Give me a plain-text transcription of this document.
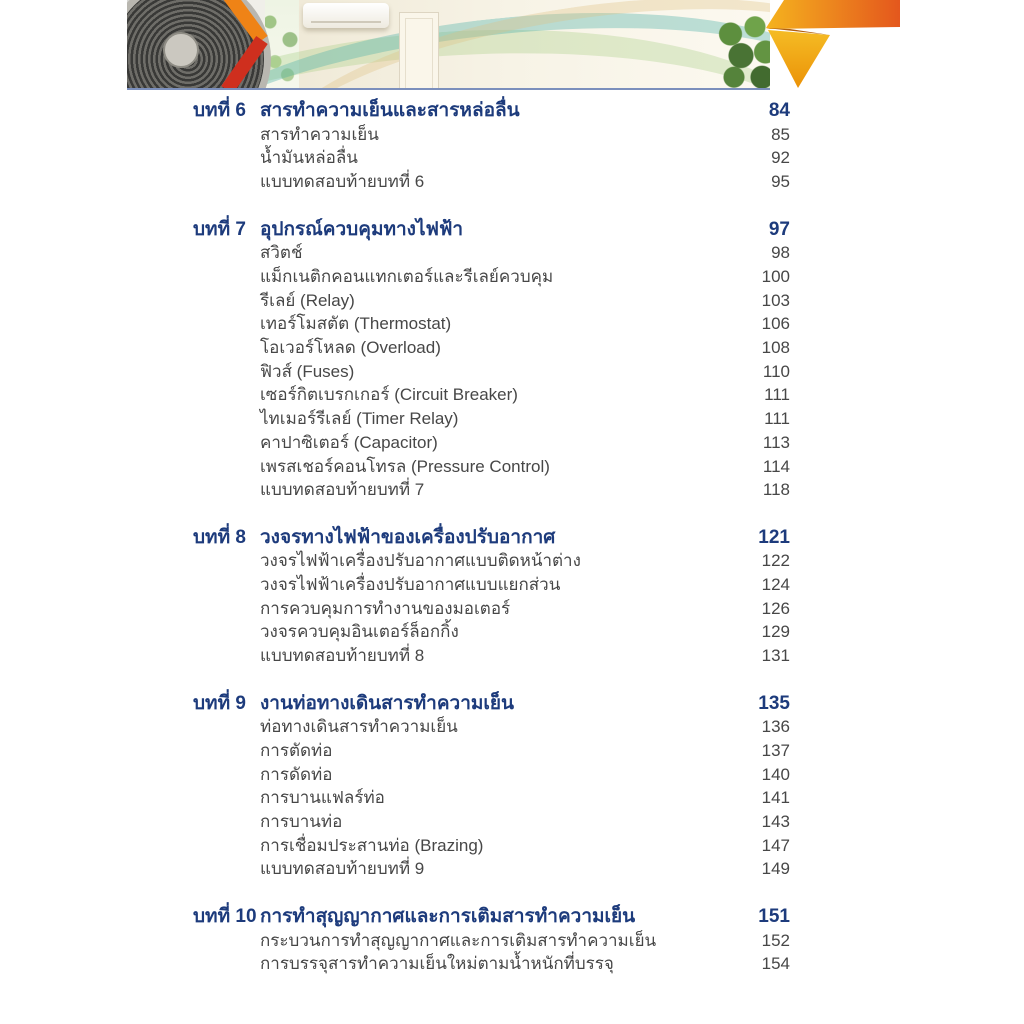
บทที่ 6 สารทำความเย็นและสารหล่อลื่น	84
สารทำความเย็น	85
น้ำมันหล่อลื่น	92
แบบทดสอบท้ายบทที่ 6	95
บทที่ 7 อุปกรณ์ควบคุมทางไฟฟ้า	97
สวิตช์	98
แม็กเนติกคอนแทกเตอร์และรีเลย์ควบคุม	100
รีเลย์ (Relay)	103
เทอร์โมสตัต (Thermostat)	106
โอเวอร์โหลด (Overload)	108
ฟิวส์ (Fuses)	110
เซอร์กิตเบรกเกอร์ (Circuit Breaker)	111
ไทเมอร์รีเลย์ (Timer Relay)	111
คาปาซิเตอร์ (Capacitor)	113
เพรสเชอร์คอนโทรล (Pressure Control)	114
แบบทดสอบท้ายบทที่ 7	118
บทที่ 8 วงจรทางไฟฟ้าของเครื่องปรับอากาศ	121
วงจรไฟฟ้าเครื่องปรับอากาศแบบติดหน้าต่าง	122
วงจรไฟฟ้าเครื่องปรับอากาศแบบแยกส่วน	124
การควบคุมการทำงานของมอเตอร์	126
วงจรควบคุมอินเตอร์ล็อกกิ้ง	129
แบบทดสอบท้ายบทที่ 8	131
บทที่ 9 งานท่อทางเดินสารทำความเย็น	135
ท่อทางเดินสารทำความเย็น	136
การตัดท่อ	137
การดัดท่อ	140
การบานแฟลร์ท่อ	141
การบานท่อ	143
การเชื่อมประสานท่อ (Brazing)	147
แบบทดสอบท้ายบทที่ 9	149
บทที่ 10 การทำสุญญากาศและการเติมสารทำความเย็น	151
กระบวนการทำสุญญากาศและการเติมสารทำความเย็น	152
การบรรจุสารทำความเย็นใหม่ตามน้ำหนักที่บรรจุ	154
